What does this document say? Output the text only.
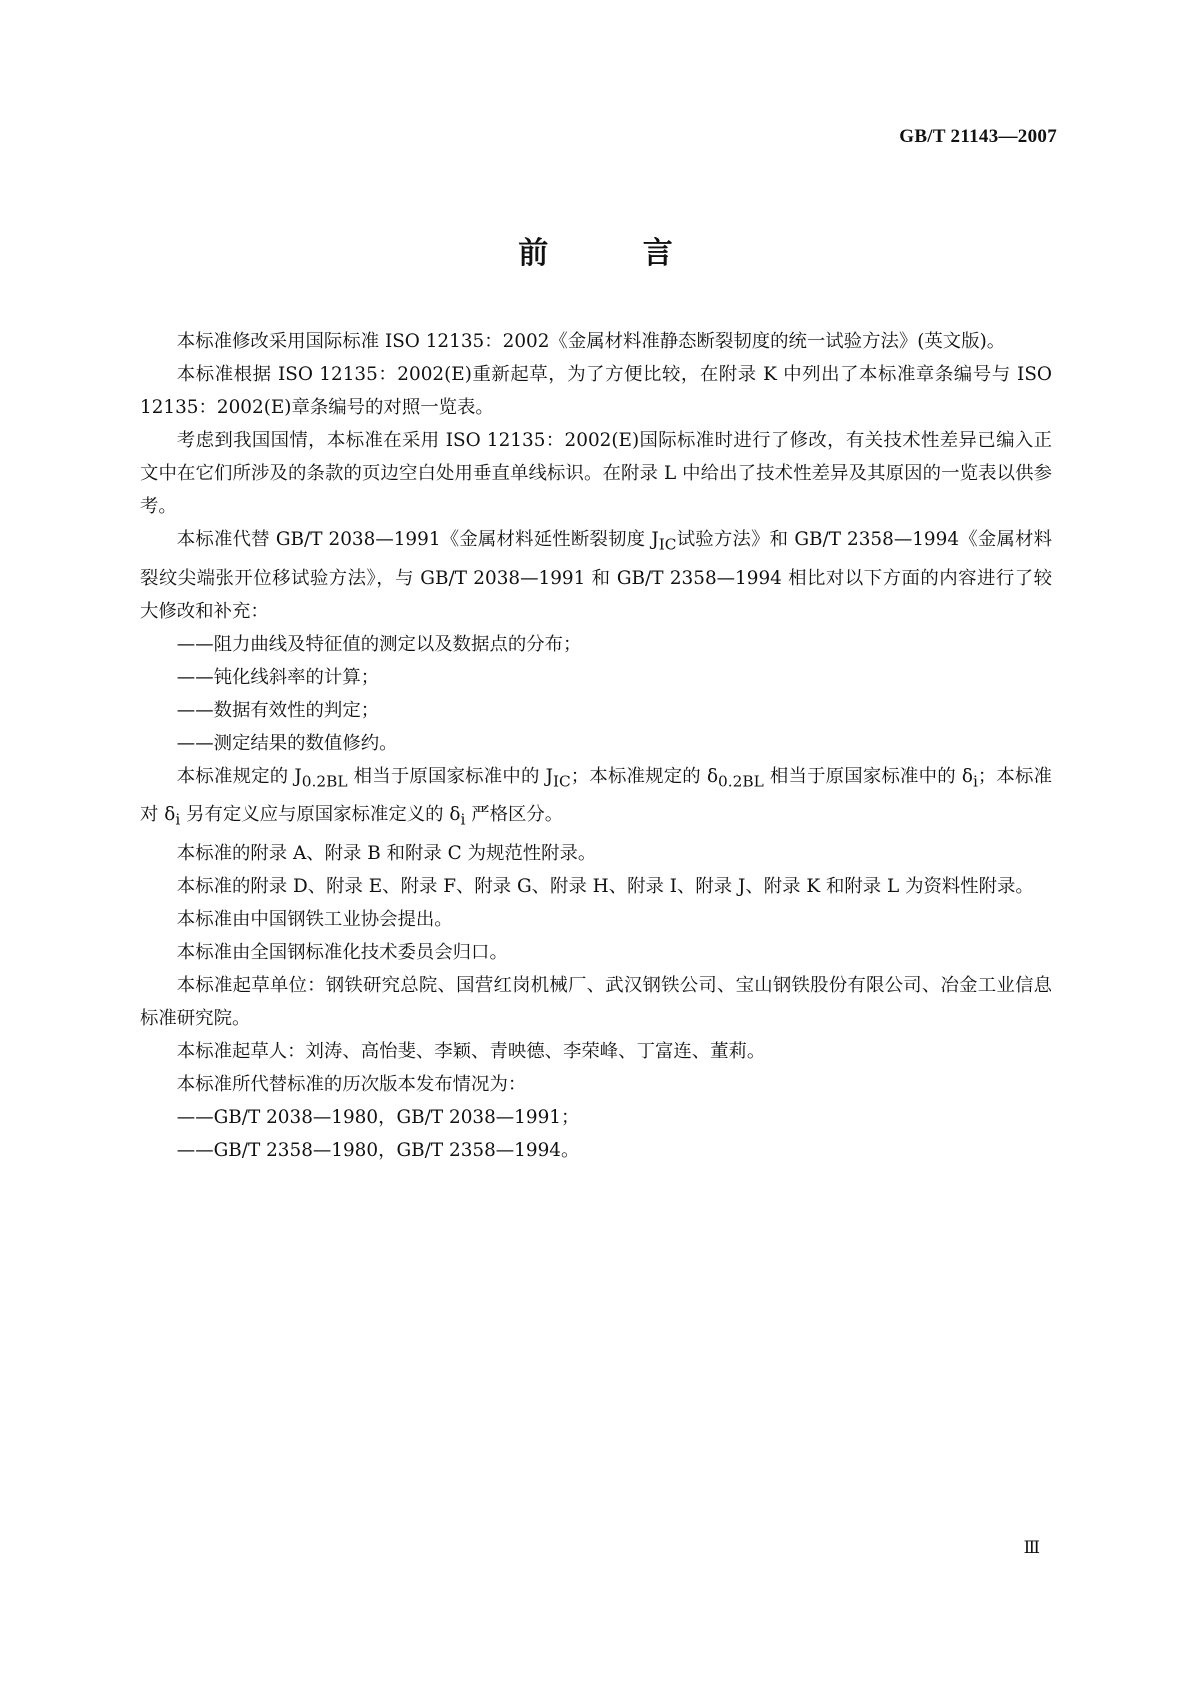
GB/T 21143—2007
前 言

本标准修改采用国际标准 ISO 12135：2002《金属材料准静态断裂韧度的统一试验方法》(英文版)。

本标准根据 ISO 12135：2002(E)重新起草，为了方便比较，在附录 K 中列出了本标准章条编号与 ISO 12135：2002(E)章条编号的对照一览表。

考虑到我国国情，本标准在采用 ISO 12135：2002(E)国际标准时进行了修改，有关技术性差异已编入正文中在它们所涉及的条款的页边空白处用垂直单线标识。在附录 L 中给出了技术性差异及其原因的一览表以供参考。

本标准代替 GB/T 2038—1991《金属材料延性断裂韧度 $J_{IC}$试验方法》和 GB/T 2358—1994《金属材料裂纹尖端张开位移试验方法》，与 GB/T 2038—1991 和 GB/T 2358—1994 相比对以下方面的内容进行了较大修改和补充：

——阻力曲线及特征值的测定以及数据点的分布；

——钝化线斜率的计算；

——数据有效性的判定；

——测定结果的数值修约。

本标准规定的 $J_{0.2BL}$ 相当于原国家标准中的 $J_{IC}$；本标准规定的 $\delta_{0.2BL}$ 相当于原国家标准中的 $\delta_i$；本标准对 $\delta_i$ 另有定义应与原国家标准定义的 $\delta_i$ 严格区分。

本标准的附录 A、附录 B 和附录 C 为规范性附录。

本标准的附录 D、附录 E、附录 F、附录 G、附录 H、附录 I、附录 J、附录 K 和附录 L 为资料性附录。

本标准由中国钢铁工业协会提出。

本标准由全国钢标准化技术委员会归口。

本标准起草单位：钢铁研究总院、国营红岗机械厂、武汉钢铁公司、宝山钢铁股份有限公司、冶金工业信息标准研究院。

本标准起草人：刘涛、高怡斐、李颖、青映德、李荣峰、丁富连、董莉。

本标准所代替标准的历次版本发布情况为：

——GB/T 2038—1980，GB/T 2038—1991；

——GB/T 2358—1980，GB/T 2358—1994。

Ⅲ
